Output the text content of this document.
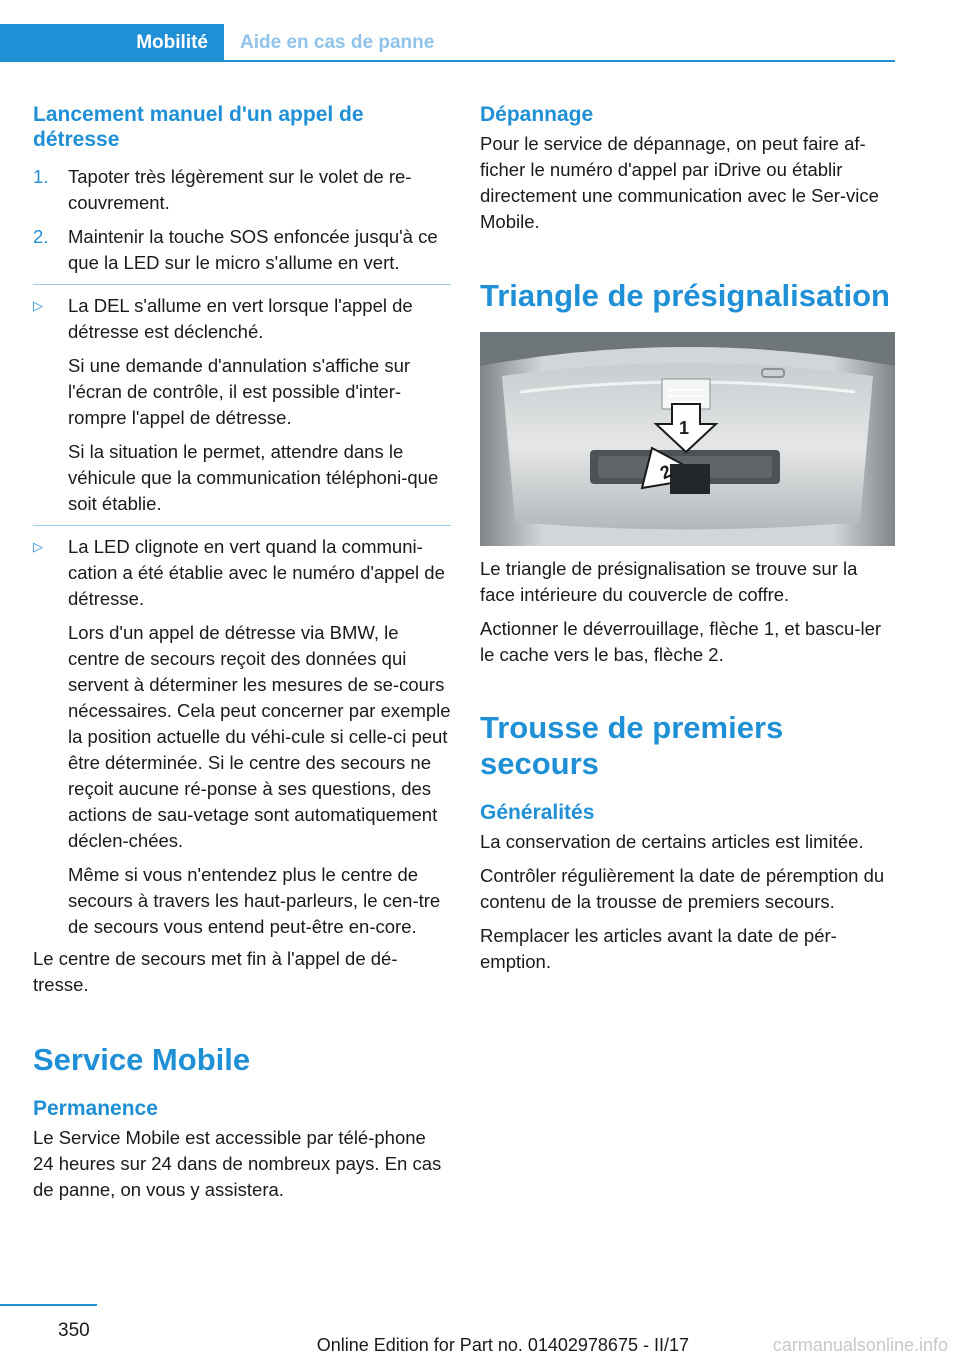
Mobilité	Aide en cas de panne
Lancement manuel d'un appel de détresse
1. Tapoter très légèrement sur le volet de re-couvrement.
2. Maintenir la touche SOS enfoncée jusqu'à ce que la LED sur le micro s'allume en vert.
▷ La DEL s'allume en vert lorsque l'appel de détresse est déclenché.
Si une demande d'annulation s'affiche sur l'écran de contrôle, il est possible d'inter-rompre l'appel de détresse.
Si la situation le permet, attendre dans le véhicule que la communication téléphoni-que soit établie.
▷ La LED clignote en vert quand la communi-cation a été établie avec le numéro d'appel de détresse.
Lors d'un appel de détresse via BMW, le centre de secours reçoit des données qui servent à déterminer les mesures de se-cours nécessaires. Cela peut concerner par exemple la position actuelle du véhi-cule si celle-ci peut être déterminée. Si le centre des secours ne reçoit aucune ré-ponse à ses questions, des actions de sau-vetage sont automatiquement déclen-chées.
Même si vous n'entendez plus le centre de secours à travers les haut-parleurs, le cen-tre de secours vous entend peut-être en-core.
Le centre de secours met fin à l'appel de dé-tresse.
Service Mobile
Permanence
Le Service Mobile est accessible par télé-phone 24 heures sur 24 dans de nombreux pays. En cas de panne, on vous y assistera.
Dépannage
Pour le service de dépannage, on peut faire af-ficher le numéro d'appel par iDrive ou établir directement une communication avec le Ser-vice Mobile.
Triangle de présignalisation
1
2
Le triangle de présignalisation se trouve sur la face intérieure du couvercle de coffre.
Actionner le déverrouillage, flèche 1, et bascu-ler le cache vers le bas, flèche 2.
Trousse de premiers secours
Généralités
La conservation de certains articles est limitée.
Contrôler régulièrement la date de péremption du contenu de la trousse de premiers secours.
Remplacer les articles avant la date de pér-emption.
350
Online Edition for Part no. 01402978675 - II/17	carmanualsonline.info
